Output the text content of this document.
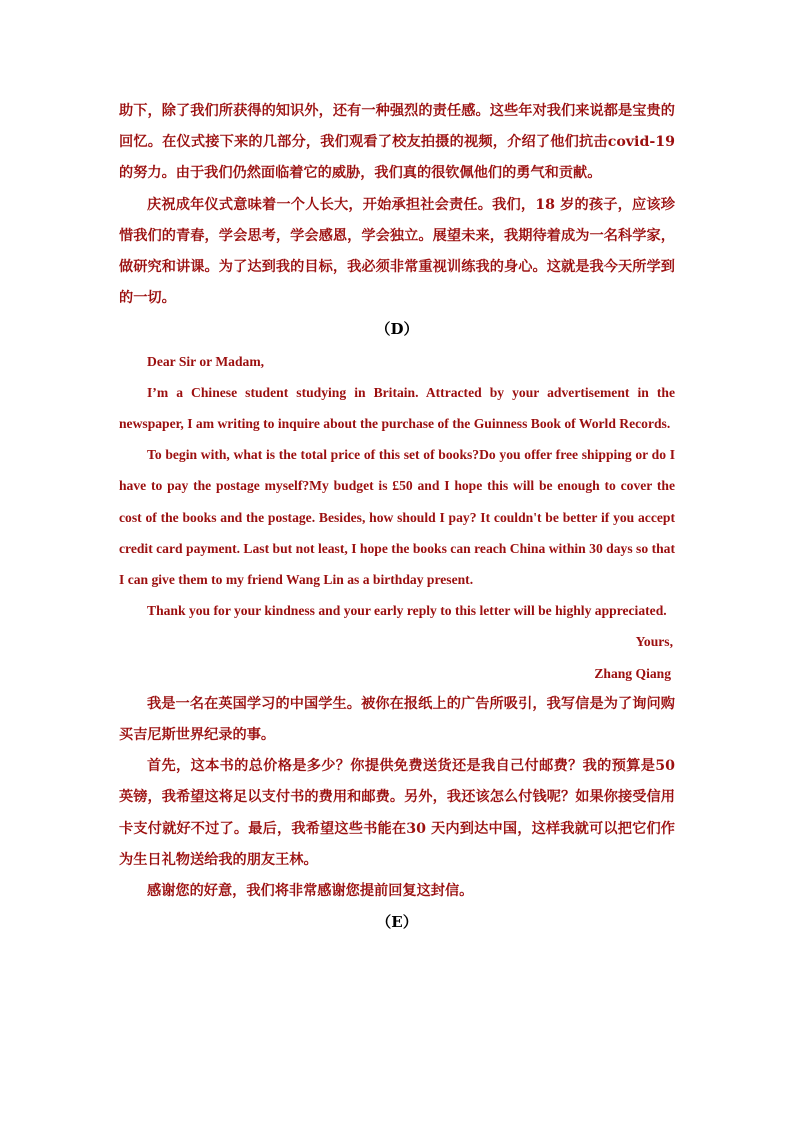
助下，除了我们所获得的知识外，还有一种强烈的责任感。这些年对我们来说都是宝贵的回忆。在仪式接下来的几部分，我们观看了校友拍摄的视频，介绍了他们抗击covid-19 的努力。由于我们仍然面临着它的威胁，我们真的很钦佩他们的勇气和贡献。

庆祝成年仪式意味着一个人长大，开始承担社会责任。我们，18 岁的孩子，应该珍惜我们的青春，学会思考，学会感恩，学会独立。展望未来，我期待着成为一名科学家，做研究和讲课。为了达到我的目标，我必须非常重视训练我的身心。这就是我今天所学到的一切。

（D）

Dear Sir or Madam,

I’m a Chinese student studying in Britain. Attracted by your advertisement in the newspaper, I am writing to inquire about the purchase of the Guinness Book of World Records.

To begin with, what is the total price of this set of books?Do you offer free shipping or do I have to pay the postage myself?My budget is £50 and I hope this will be enough to cover the cost of the books and the postage. Besides, how should I pay? It couldn't be better if you accept credit card payment. Last but not least, I hope the books can reach China within 30 days so that I can give them to my friend Wang Lin as a birthday present.

Thank you for your kindness and your early reply to this letter will be highly appreciated.

Yours,

Zhang Qiang

我是一名在英国学习的中国学生。被你在报纸上的广告所吸引，我写信是为了询问购买吉尼斯世界纪录的事。

首先，这本书的总价格是多少？你提供免费送货还是我自己付邮费？我的预算是50 英镑，我希望这将足以支付书的费用和邮费。另外，我还该怎么付钱呢？如果你接受信用卡支付就好不过了。最后，我希望这些书能在30 天内到达中国，这样我就可以把它们作为生日礼物送给我的朋友王林。

感谢您的好意，我们将非常感谢您提前回复这封信。

（E）
